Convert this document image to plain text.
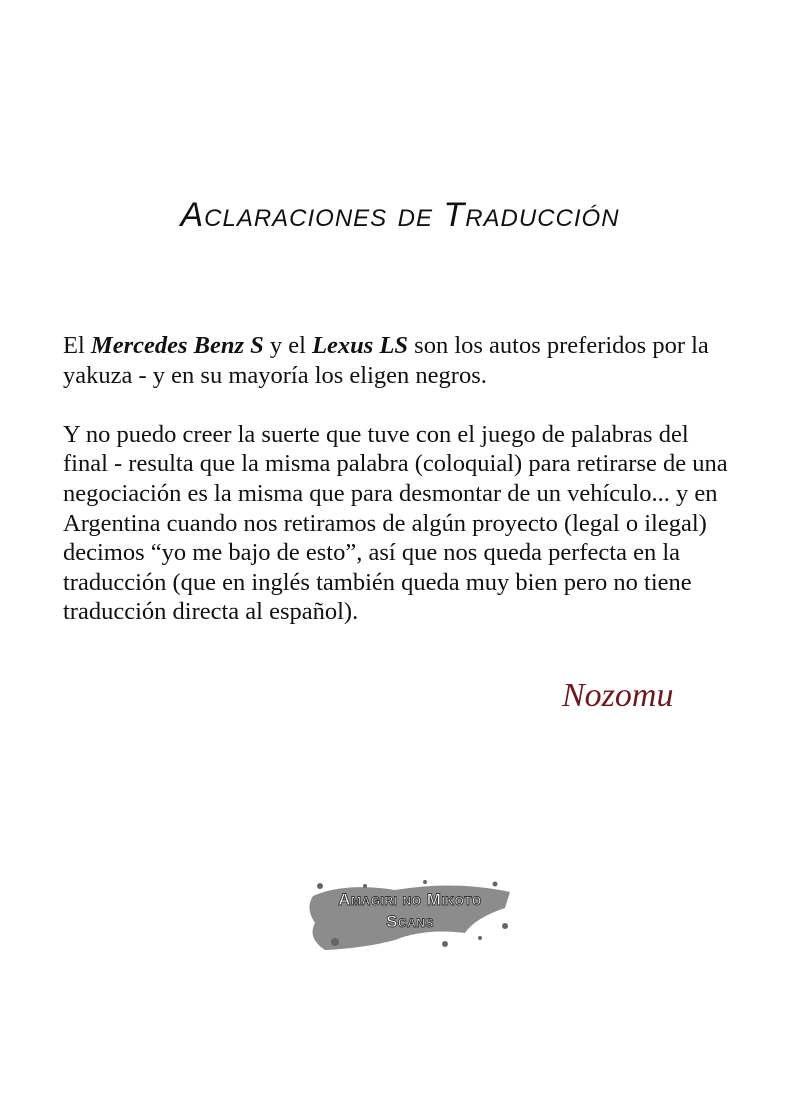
Aclaraciones de Traducción
El Mercedes Benz S y el Lexus LS son los autos preferidos por la
yakuza - y en su mayoría los eligen negros.
Y no puedo creer la suerte que tuve con el juego de palabras del
final - resulta que la misma palabra (coloquial) para retirarse de una
negociación es la misma que para desmontar de un vehículo... y en
Argentina cuando nos retiramos de algún proyecto (legal o ilegal)
decimos “yo me bajo de esto”, así que nos queda perfecta en la
traducción (que en inglés también queda muy bien pero no tiene
traducción directa al español).
Nozomu
Amagiri no Mikoto
Scans
